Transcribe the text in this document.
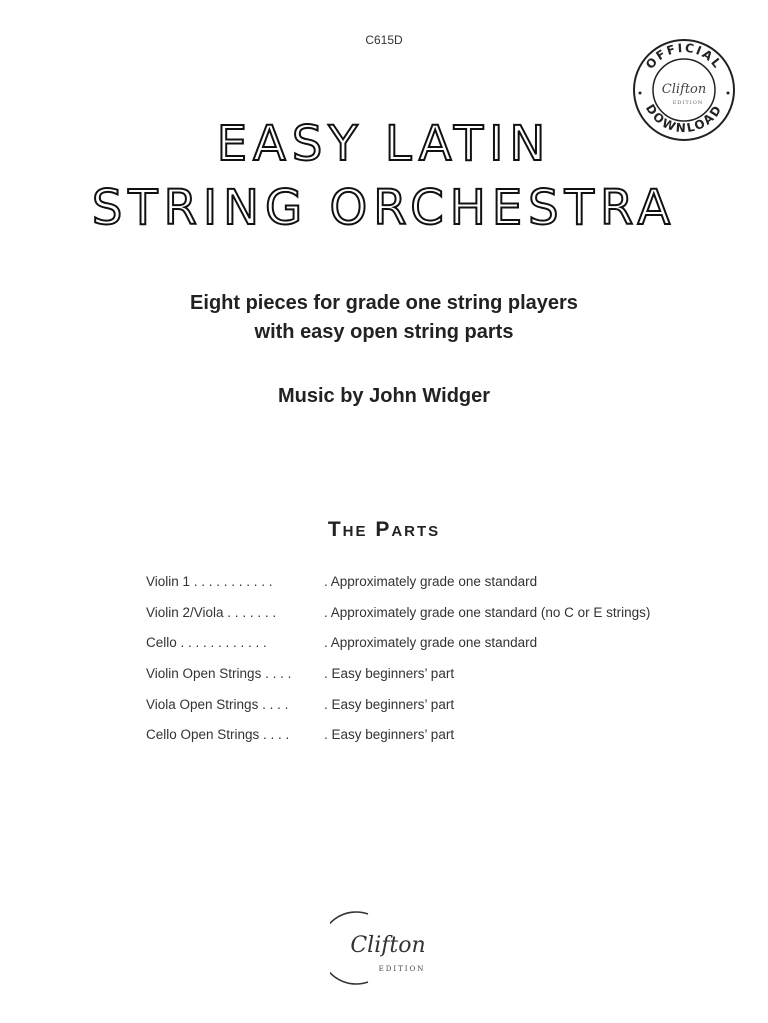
C615D
OFFICIAL
DOWNLOAD
Clifton
EDITION
EASY LATIN
STRING ORCHESTRA
Eight pieces for grade one string players
with easy open string parts
Music by John Widger
The Parts
Violin 1 . . . . . . . . . . .	. Approximately grade one standard
Violin 2/Viola . . . . . . .	. Approximately grade one standard (no C or E strings)
Cello . . . . . . . . . . . .	. Approximately grade one standard
Violin Open Strings . . . .	. Easy beginners’ part
Viola Open Strings . . . .	. Easy beginners’ part
Cello Open Strings . . . .	. Easy beginners’ part
Clifton
EDITION
